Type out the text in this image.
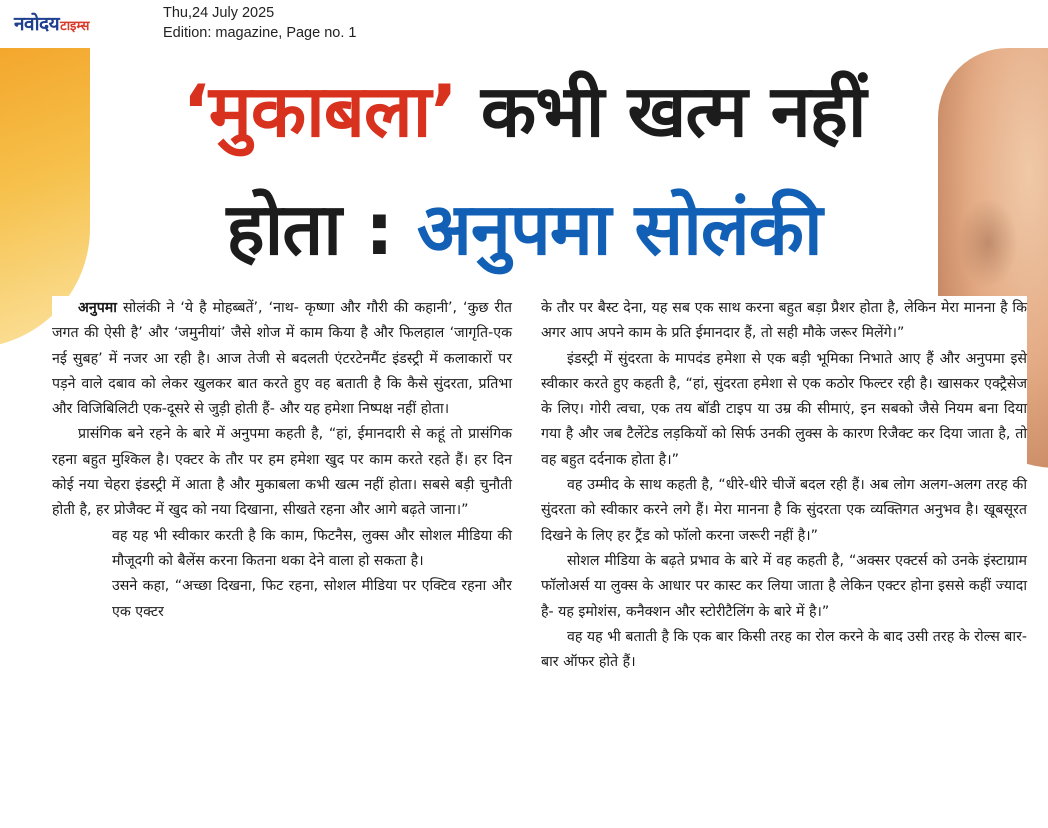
नवोदयटाइम्स
Thu,24 July 2025
Edition: magazine, Page no. 1
‘मुकाबला’ कभी खत्म नहीं
होता : अनुपमा सोलंकी

अनुपमा सोलंकी ने ‘ये है मोहब्बतें’, ‘नाथ- कृष्णा और गौरी की कहानी’, ‘कुछ रीत जगत की ऐसी है’ और ‘जमुनीयां’ जैसे शोज में काम किया है और फिलहाल ‘जागृति-एक नई सुबह’ में नजर आ रही है। आज तेजी से बदलती एंटरटेनमैंट इंडस्ट्री में कलाकारों पर पड़ने वाले दबाव को लेकर खुलकर बात करते हुए वह बताती है कि कैसे सुंदरता, प्रतिभा और विजिबिलिटी एक-दूसरे से जुड़ी होती हैं- और यह हमेशा निष्पक्ष नहीं होता।

प्रासंगिक बने रहने के बारे में अनुपमा कहती है, “हां, ईमानदारी से कहूं तो प्रासंगिक रहना बहुत मुश्किल है। एक्टर के तौर पर हम हमेशा खुद पर काम करते रहते हैं। हर दिन कोई नया चेहरा इंडस्ट्री में आता है और मुकाबला कभी खत्म नहीं होता। सबसे बड़ी चुनौती होती है, हर प्रोजैक्ट में खुद को नया दिखाना, सीखते रहना और आगे बढ़ते जाना।”

वह यह भी स्वीकार करती है कि काम, फिटनैस, लुक्स और सोशल मीडिया की मौजूदगी को बैलेंस करना कितना थका देने वाला हो सकता है।

उसने कहा, “अच्छा दिखना, फिट रहना, सोशल मीडिया पर एक्टिव रहना और एक एक्टर

के तौर पर बैस्ट देना, यह सब एक साथ करना बहुत बड़ा प्रैशर होता है, लेकिन मेरा मानना है कि अगर आप अपने काम के प्रति ईमानदार हैं, तो सही मौके जरूर मिलेंगे।”

इंडस्ट्री में सुंदरता के मापदंड हमेशा से एक बड़ी भूमिका निभाते आए हैं और अनुपमा इसे स्वीकार करते हुए कहती है, “हां, सुंदरता हमेशा से एक कठोर फिल्टर रही है। खासकर एक्ट्रैसेज के लिए। गोरी त्वचा, एक तय बॉडी टाइप या उम्र की सीमाएं, इन सबको जैसे नियम बना दिया गया है और जब टैलेंटेड लड़कियों को सिर्फ उनकी लुक्स के कारण रिजैक्ट कर दिया जाता है, तो वह बहुत दर्दनाक होता है।”

वह उम्मीद के साथ कहती है, “धीरे-धीरे चीजें बदल रही हैं। अब लोग अलग-अलग तरह की सुंदरता को स्वीकार करने लगे हैं। मेरा मानना है कि सुंदरता एक व्यक्तिगत अनुभव है। खूबसूरत दिखने के लिए हर ट्रैंड को फॉलो करना जरूरी नहीं है।”

सोशल मीडिया के बढ़ते प्रभाव के बारे में वह कहती है, “अक्सर एक्टर्स को उनके इंस्टाग्राम फॉलोअर्स या लुक्स के आधार पर कास्ट कर लिया जाता है लेकिन एक्टर होना इससे कहीं ज्यादा है- यह इमोशंस, कनैक्शन और स्टोरीटैलिंग के बारे में है।”

वह यह भी बताती है कि एक बार किसी तरह का रोल करने के बाद उसी तरह के रोल्स बार-बार ऑफर होते हैं।
